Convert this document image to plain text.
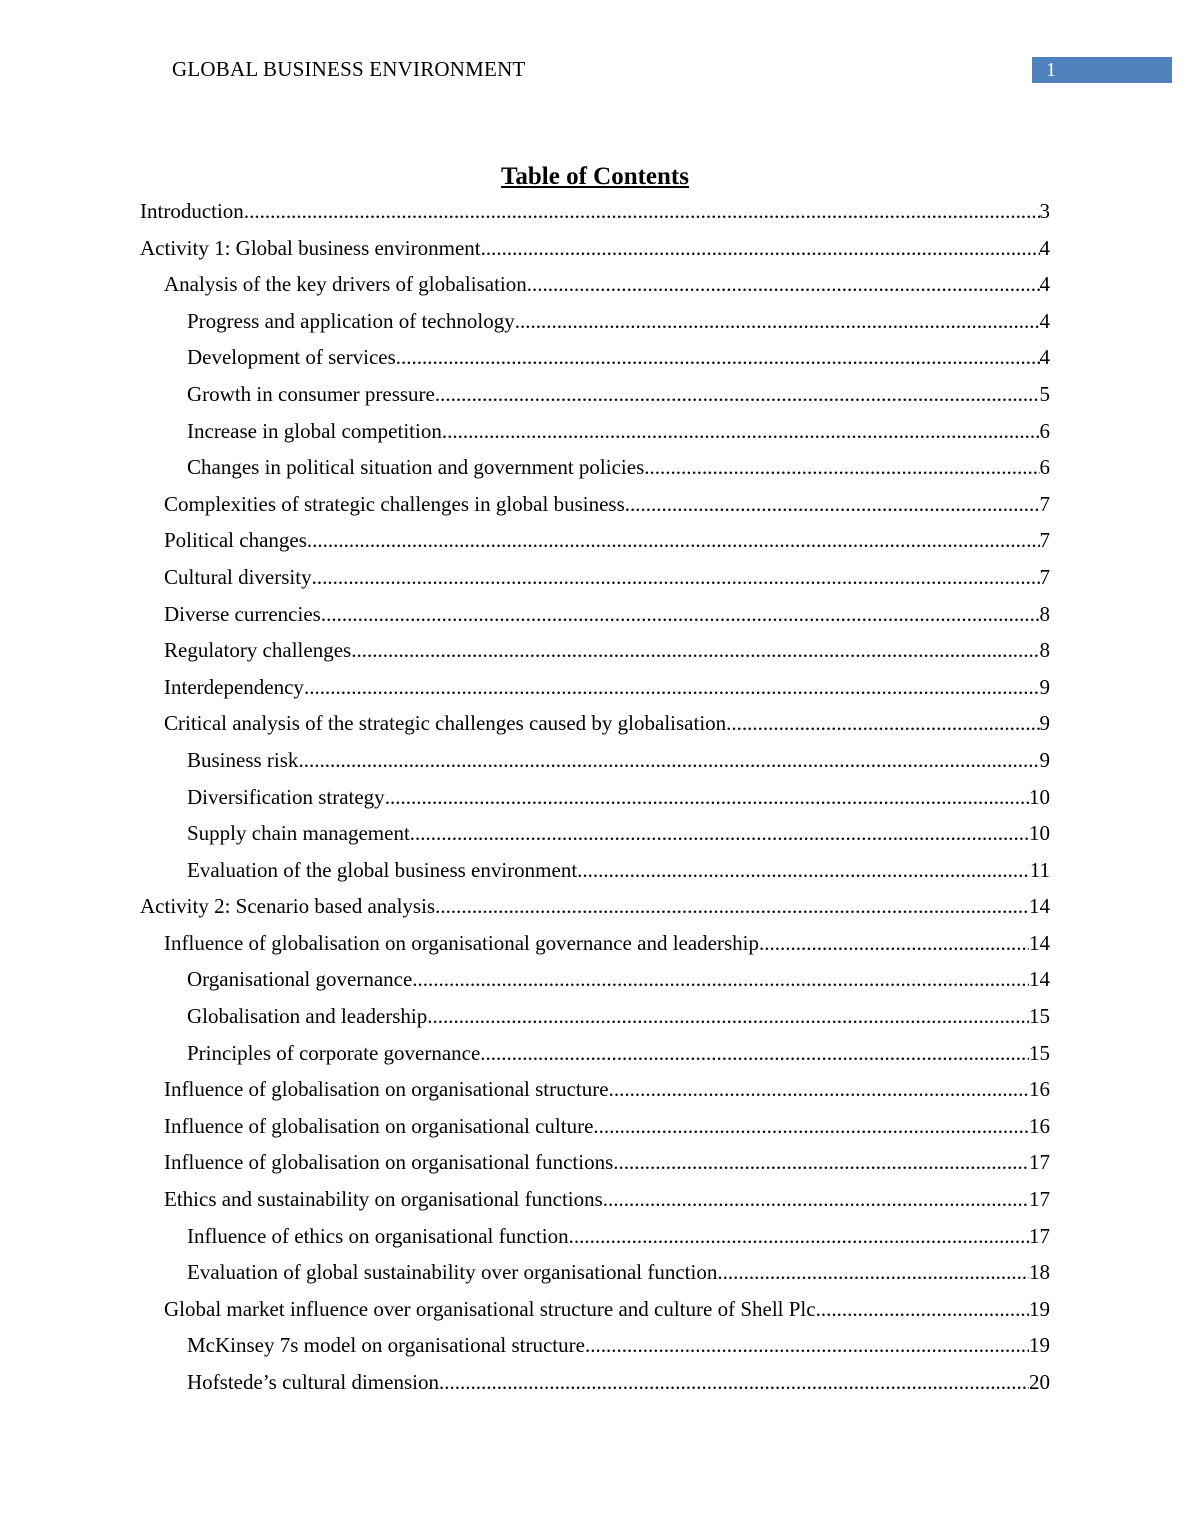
GLOBAL BUSINESS ENVIRONMENT	1
Table of Contents
Introduction .....	3
Activity 1: Global business environment .....	4
Analysis of the key drivers of globalisation .....	4
Progress and application of technology .....	4
Development of services .....	4
Growth in consumer pressure .....	5
Increase in global competition .....	6
Changes in political situation and government policies .....	6
Complexities of strategic challenges in global business .....	7
Political changes .....	7
Cultural diversity .....	7
Diverse currencies .....	8
Regulatory challenges .....	8
Interdependency .....	9
Critical analysis of the strategic challenges caused by globalisation .....	9
Business risk .....	9
Diversification strategy .....	10
Supply chain management .....	10
Evaluation of the global business environment .....	11
Activity 2: Scenario based analysis .....	14
Influence of globalisation on organisational governance and leadership .....	14
Organisational governance .....	14
Globalisation and leadership .....	15
Principles of corporate governance .....	15
Influence of globalisation on organisational structure .....	16
Influence of globalisation on organisational culture .....	16
Influence of globalisation on organisational functions .....	17
Ethics and sustainability on organisational functions .....	17
Influence of ethics on organisational function .....	17
Evaluation of global sustainability over organisational function .....	18
Global market influence over organisational structure and culture of Shell Plc .....	19
McKinsey 7s model on organisational structure .....	19
Hofstede’s cultural dimension .....	20
